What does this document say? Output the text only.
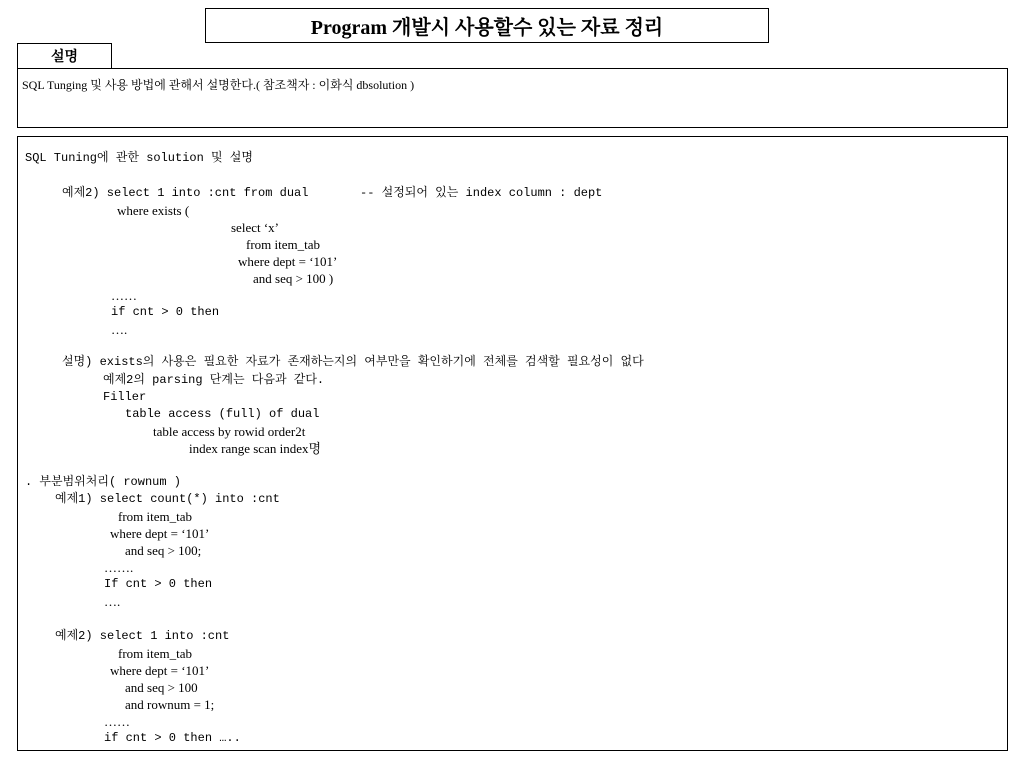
Program 개발시 사용할수 있는 자료 정리
설명
SQL Tunging 및 사용 방법에 관해서 설명한다.( 참조책자 : 이화식 dbsolution )
SQL Tuning에 관한 solution 및 설명
예제2) select 1 into :cnt from dual	-- 설정되어 있는 index column : dept
where exists (
select ‘x’
from item_tab
where dept = ‘101’
and seq > 100 )
……
if cnt > 0 then
….
설명) exists의 사용은 필요한 자료가 존재하는지의 여부만을 확인하기에 전체를 검색할 필요성이 없다
예제2의 parsing 단계는 다음과 같다.
Filler
table access (full) of dual
table access by rowid order2t
index range scan index명
. 부분범위처리( rownum )
예제1) select count(*) into :cnt
from item_tab
where dept = ‘101’
and seq > 100;
…….
If cnt > 0 then
….
예제2) select 1 into :cnt
from item_tab
where dept = ‘101’
and seq > 100
and rownum = 1;
……
if cnt > 0 then …..
